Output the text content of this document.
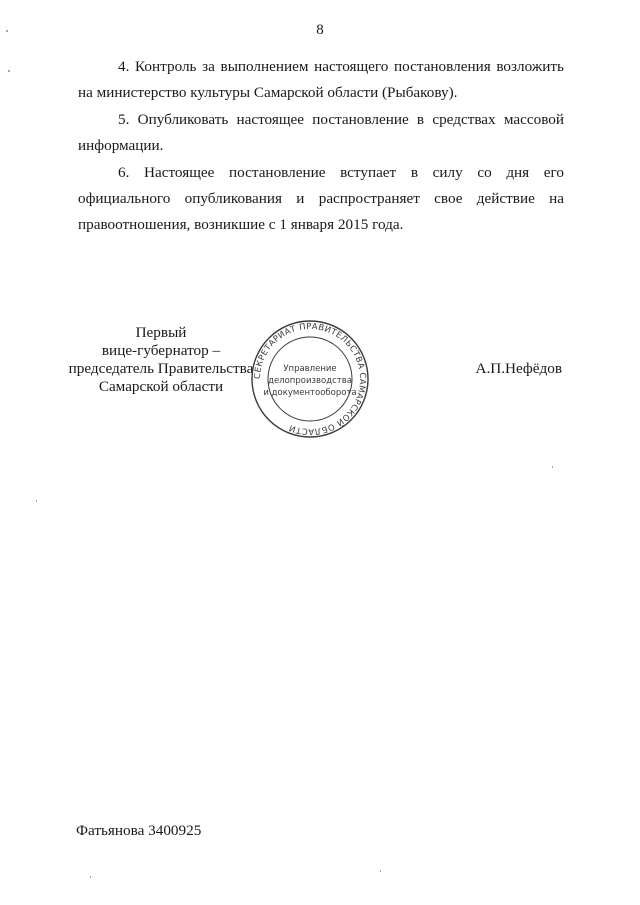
8

4. Контроль за выполнением настоящего постановления возложить на министерство культуры Самарской области (Рыбакову).

5. Опубликовать настоящее постановление в средствах массовой информации.

6. Настоящее постановление вступает в силу со дня его официального опубликования и распространяет свое действие на правоотношения, возникшие с 1 января 2015 года.

Первый
вице-губернатор –
председатель Правительства
Самарской области
СЕКРЕТАРИАТ ПРАВИТЕЛЬСТВА САМАРСКОЙ ОБЛАСТИ
Управление
делопроизводства
и документооборота
А.П.Нефёдов
Фатьянова 3400925
